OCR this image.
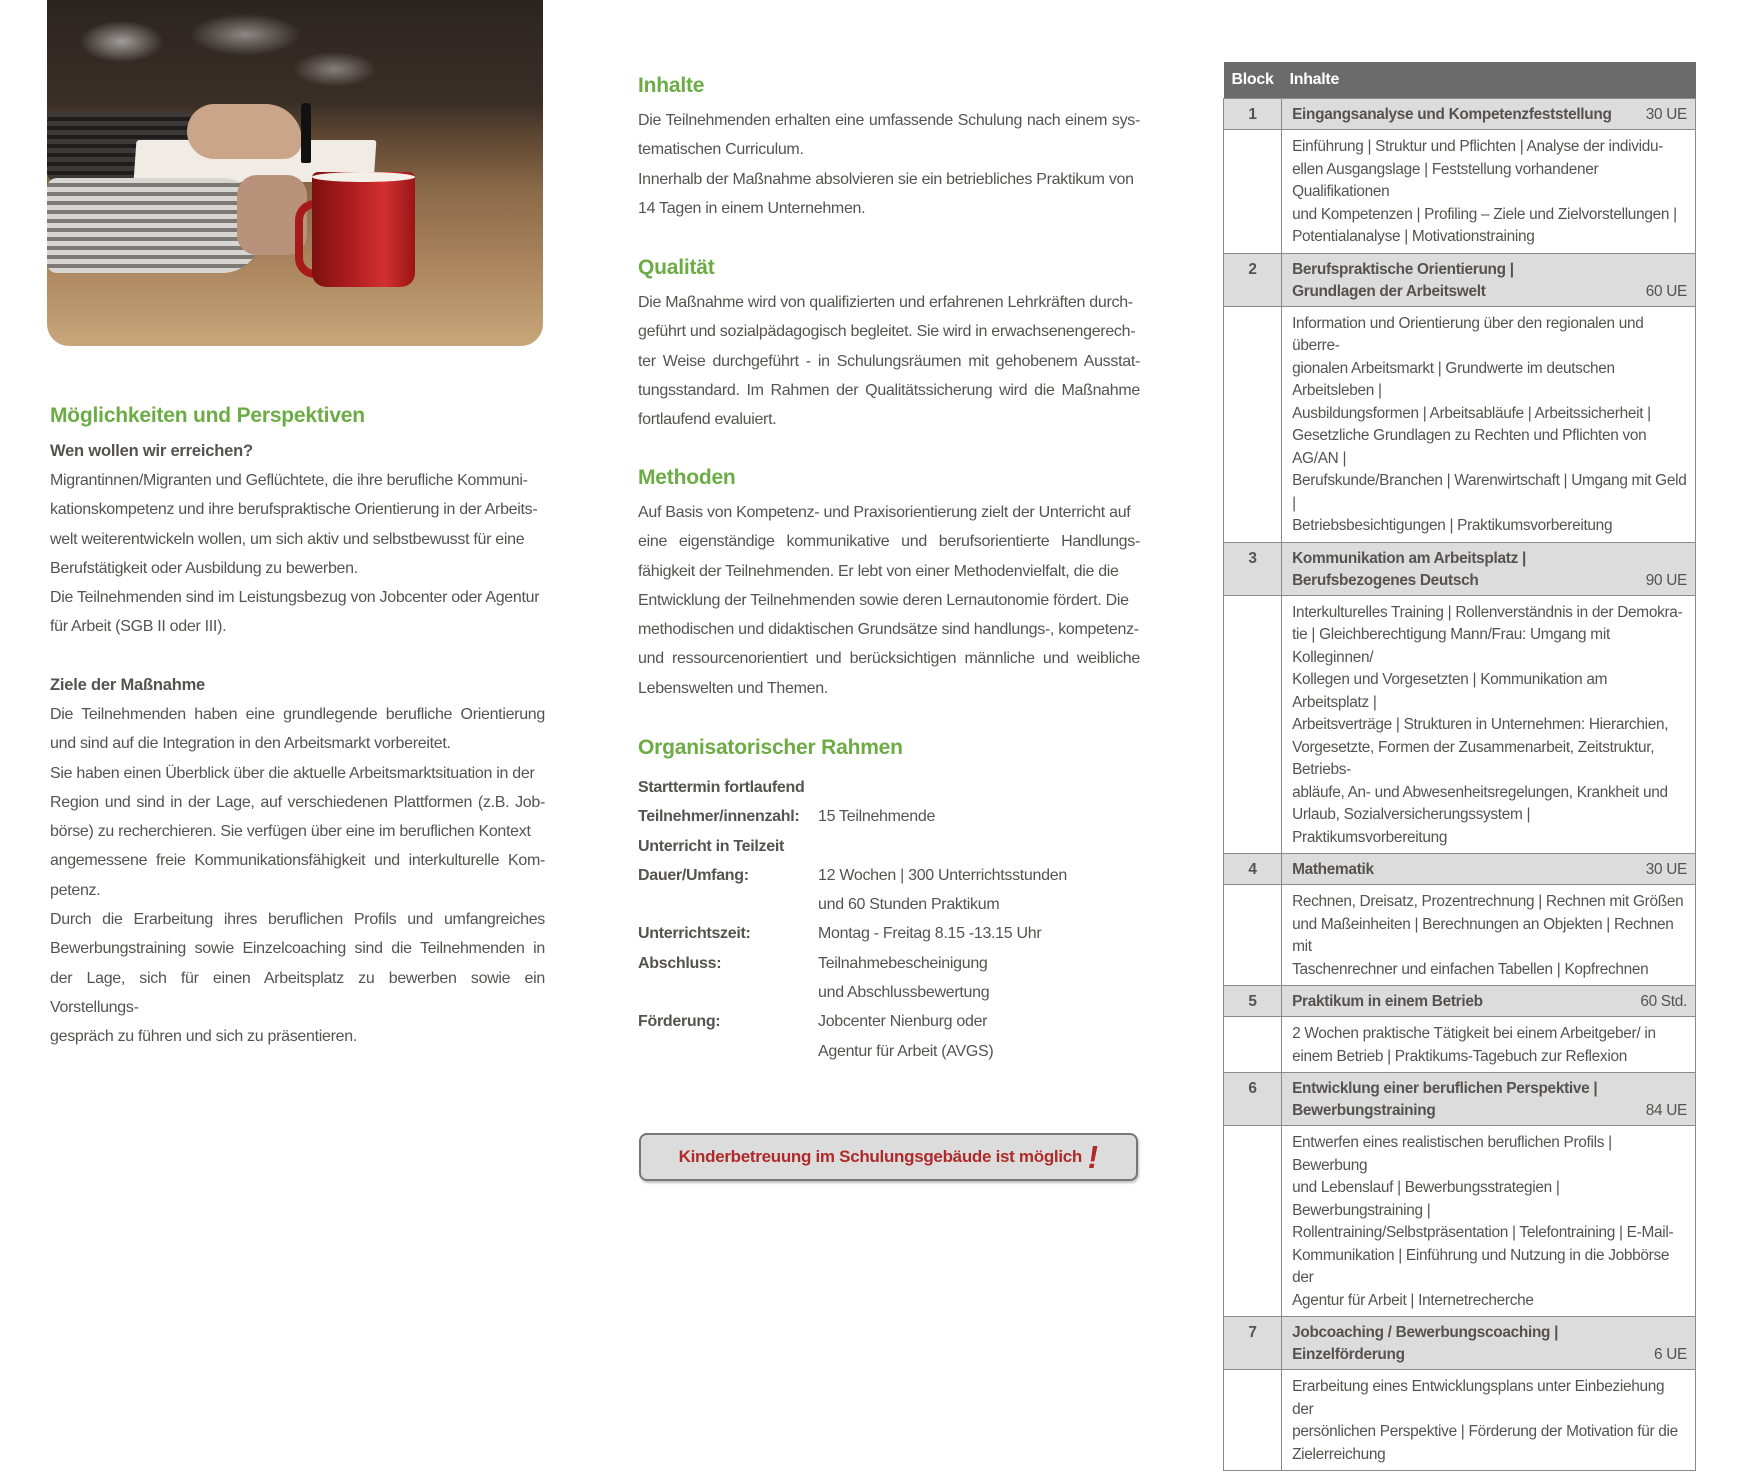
Möglichkeiten und Perspektiven
Wen wollen wir erreichen?
Migrantinnen/Migranten und Geflüchtete, die ihre berufliche Kommuni-
kationskompetenz und ihre berufspraktische Orientierung in der Arbeits-
welt weiterentwickeln wollen, um sich aktiv und selbstbewusst für eine
Berufstätigkeit oder Ausbildung zu bewerben.
Die Teilnehmenden sind im Leistungsbezug von Jobcenter oder Agentur
für Arbeit (SGB II oder III).
Ziele der Maßnahme
Die Teilnehmenden haben eine grundlegende berufliche Orientierung
und sind auf die Integration in den Arbeitsmarkt vorbereitet.
Sie haben einen Überblick über die aktuelle Arbeitsmarktsituation in der
Region und sind in der Lage, auf verschiedenen Plattformen (z.B. Job-
börse) zu recherchieren. Sie verfügen über eine im beruflichen Kontext
angemessene freie Kommunikationsfähigkeit und interkulturelle Kom-
petenz.
Durch die Erarbeitung ihres beruflichen Profils und umfangreiches
Bewerbungstraining sowie Einzelcoaching sind die Teilnehmenden in
der Lage, sich für einen Arbeitsplatz zu bewerben sowie ein Vorstellungs-
gespräch zu führen und sich zu präsentieren.
Inhalte
Die Teilnehmenden erhalten eine umfassende Schulung nach einem sys-
tematischen Curriculum.
Innerhalb der Maßnahme absolvieren sie ein betriebliches Praktikum von
14 Tagen in einem Unternehmen.
Qualität
Die Maßnahme wird von qualifizierten und erfahrenen Lehrkräften durch-
geführt und sozialpädagogisch begleitet. Sie wird in erwachsenengerech-
ter Weise durchgeführt - in Schulungsräumen mit gehobenem Ausstat-
tungsstandard. Im Rahmen der Qualitätssicherung wird die Maßnahme
fortlaufend evaluiert.
Methoden
Auf Basis von Kompetenz- und Praxisorientierung zielt der Unterricht auf
eine eigenständige kommunikative und berufsorientierte Handlungs-
fähigkeit der Teilnehmenden. Er lebt von einer Methodenvielfalt, die die
Entwicklung der Teilnehmenden sowie deren Lernautonomie fördert. Die
methodischen und didaktischen Grundsätze sind handlungs-, kompetenz-
und ressourcenorientiert und berücksichtigen männliche und weibliche
Lebenswelten und Themen.
Organisatorischer Rahmen
Starttermin fortlaufend
Teilnehmer/innenzahl:	15 Teilnehmende
Unterricht in Teilzeit
Dauer/Umfang:	12 Wochen | 300 Unterrichtsstunden
und 60 Stunden Praktikum
Unterrichtszeit:	Montag - Freitag 8.15 -13.15 Uhr
Abschluss:	Teilnahmebescheinigung
und Abschlussbewertung
Förderung:	Jobcenter Nienburg oder
Agentur für Arbeit (AVGS)
Kinderbetreuung im Schulungsgebäude ist möglich !
Block	Inhalte
1	Eingangsanalyse und Kompetenzfeststellung 30 UE

	Einführung | Struktur und Pflichten | Analyse der individu-
ellen Ausgangslage | Feststellung vorhandener Qualifikationen
und Kompetenzen | Profiling – Ziele und Zielvorstellungen |
Potentialanalyse | Motivationstraining

2	Berufspraktische Orientierung |
Grundlagen der Arbeitswelt 60 UE

Information und Orientierung über den regionalen und überre-
gionalen Arbeitsmarkt | Grundwerte im deutschen Arbeitsleben |
Ausbildungsformen | Arbeitsabläufe | Arbeitssicherheit |
Gesetzliche Grundlagen zu Rechten und Pflichten von AG/AN |
Berufskunde/Branchen | Warenwirtschaft | Umgang mit Geld |
Betriebsbesichtigungen | Praktikumsvorbereitung

3	Kommunikation am Arbeitsplatz |
Berufsbezogenes Deutsch 90 UE

Interkulturelles Training | Rollenverständnis in der Demokra-
tie | Gleichberechtigung Mann/Frau: Umgang mit Kolleginnen/
Kollegen und Vorgesetzten | Kommunikation am Arbeitsplatz |
Arbeitsverträge | Strukturen in Unternehmen: Hierarchien,
Vorgesetzte, Formen der Zusammenarbeit, Zeitstruktur, Betriebs-
abläufe, An- und Abwesenheitsregelungen, Krankheit und
Urlaub, Sozialversicherungssystem | Praktikumsvorbereitung

4	Mathematik 30 UE

	Rechnen, Dreisatz, Prozentrechnung | Rechnen mit Größen
und Maßeinheiten | Berechnungen an Objekten | Rechnen mit
Taschenrechner und einfachen Tabellen | Kopfrechnen

5	Praktikum in einem Betrieb 60 Std.

	2 Wochen praktische Tätigkeit bei einem Arbeitgeber/ in
einem Betrieb | Praktikums-Tagebuch zur Reflexion

6	Entwicklung einer beruflichen Perspektive |
Bewerbungstraining 84 UE

	Entwerfen eines realistischen beruflichen Profils | Bewerbung
und Lebenslauf | Bewerbungsstrategien | Bewerbungstraining |
Rollentraining/Selbstpräsentation | Telefontraining | E-Mail-
Kommunikation | Einführung und Nutzung in die Jobbörse der
Agentur für Arbeit | Internetrecherche

7	Jobcoaching / Bewerbungscoaching | Einzelförderung 6 UE

	Erarbeitung eines Entwicklungsplans unter Einbeziehung der
persönlichen Perspektive | Förderung der Motivation für die
Zielerreichung
